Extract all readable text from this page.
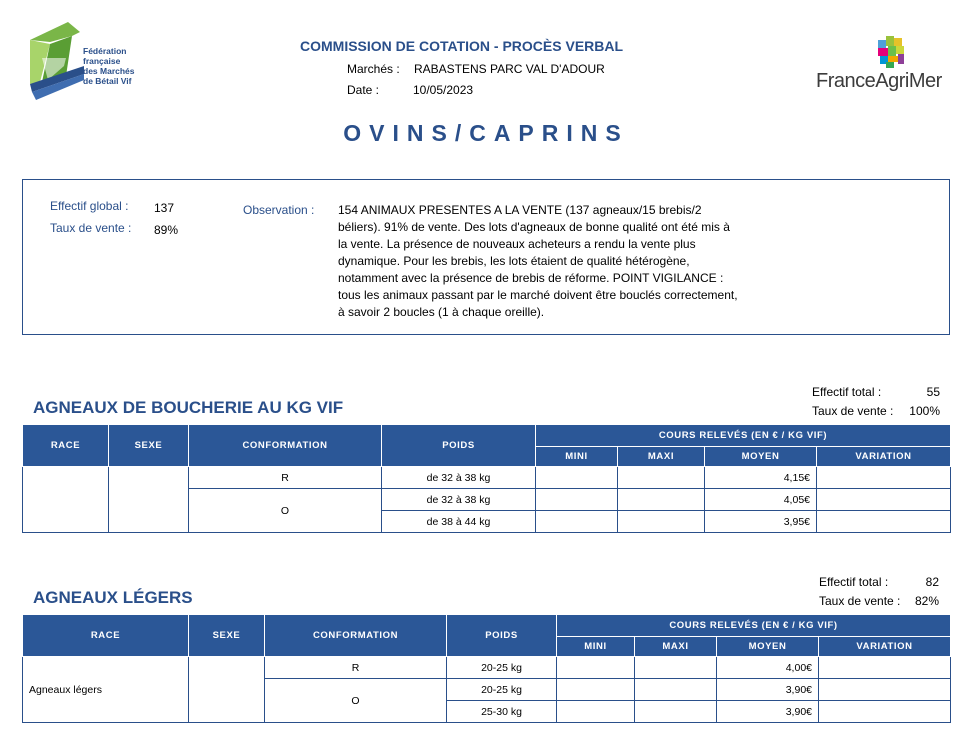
Fédération
française
des Marchés
de Bétail Vif	FranceAgriMer
COMMISSION DE COTATION - PROCÈS VERBAL
Marchés : RABASTENS PARC VAL D'ADOUR
Date :	10/05/2023
OVINS/CAPRINS
Effectif global : 137
Taux de vente : 89%
Observation : 154 ANIMAUX PRESENTES A LA VENTE (137 agneaux/15 brebis/2 béliers). 91% de vente. Des lots d'agneaux de bonne qualité ont été mis à la vente. La présence de nouveaux acheteurs a rendu la vente plus dynamique. Pour les brebis, les lots étaient de qualité hétérogène, notamment avec la présence de brebis de réforme. POINT VIGILANCE : tous les animaux passant par le marché doivent être bouclés correctement, à savoir 2 boucles (1 à chaque oreille).
AGNEAUX DE BOUCHERIE AU KG VIF
Effectif total :	55
Taux de vente : 100%
RACE	SEXE	CONFORMATION	POIDS	COURS RELEVÉS (EN € / KG VIF)			
				MINI	MAXI	MOYEN	VARIATION
		R	de 32 à 38 kg			4,15€	
		O	de 32 à 38 kg			4,05€	
			de 38 à 44 kg			3,95€	
AGNEAUX LÉGERS
Effectif total :	82
Taux de vente : 82%
RACE	SEXE	CONFORMATION	POIDS	COURS RELEVÉS (EN € / KG VIF)			
				MINI	MAXI	MOYEN	VARIATION
Agneaux légers		R	20-25 kg			4,00€	
		O	20-25 kg			3,90€	
			25-30 kg			3,90€	
